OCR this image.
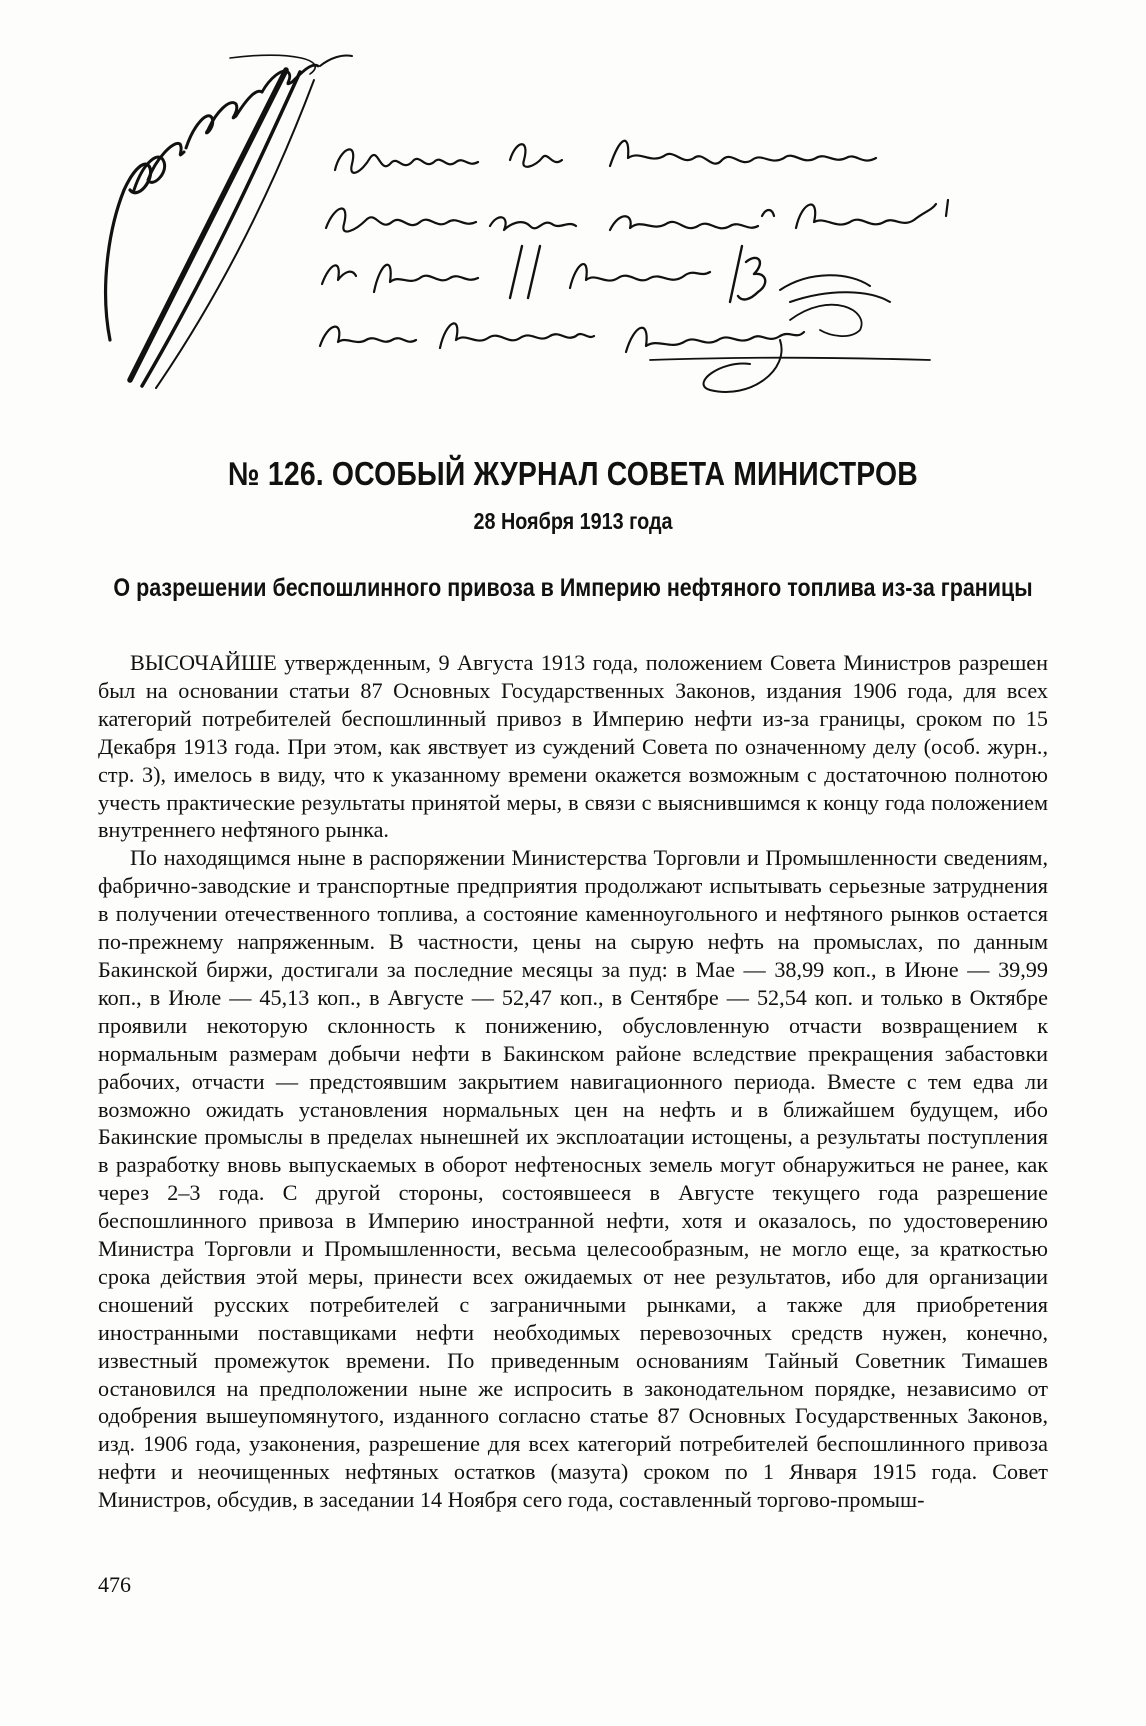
№ 126. ОСОБЫЙ ЖУРНАЛ СОВЕТА МИНИСТРОВ
28 Ноября 1913 года
О разрешении беспошлинного привоза в Империю нефтяного топлива из-за границы

ВЫСОЧАЙШЕ утвержденным, 9 Августа 1913 года, положением Совета Министров разрешен был на основании статьи 87 Основных Государственных Законов, издания 1906 года, для всех категорий потребителей беспошлинный привоз в Империю нефти из-за границы, сроком по 15 Декабря 1913 года. При этом, как явствует из суждений Совета по означенному делу (особ. журн., стр. 3), имелось в виду, что к указанному времени окажется возможным с достаточною полнотою учесть практические результаты принятой меры, в связи с выяснившимся к концу года положением внутреннего нефтяного рынка.

По находящимся ныне в распоряжении Министерства Торговли и Промышленности сведениям, фабрично-заводские и транспортные предприятия продолжают испытывать серьезные затруднения в получении отечественного топлива, а состояние каменноугольного и нефтяного рынков остается по-прежнему напряженным. В частности, цены на сырую нефть на промыслах, по данным Бакинской биржи, достигали за последние месяцы за пуд: в Мае — 38,99 коп., в Июне — 39,99 коп., в Июле — 45,13 коп., в Августе — 52,47 коп., в Сентябре — 52,54 коп. и только в Октябре проявили некоторую склонность к понижению, обусловленную отчасти возвращением к нормальным размерам добычи нефти в Бакинском районе вследствие прекращения забастовки рабочих, отчасти — предстоявшим закрытием навигационного периода. Вместе с тем едва ли возможно ожидать установления нормальных цен на нефть и в ближайшем будущем, ибо Бакинские промыслы в пределах нынешней их эксплоатации истощены, а результаты поступления в разработку вновь выпускаемых в оборот нефтеносных земель могут обнаружиться не ранее, как через 2–3 года. С другой стороны, состоявшееся в Августе текущего года разрешение беспошлинного привоза в Империю иностранной нефти, хотя и оказалось, по удостоверению Министра Торговли и Промышленности, весьма целесообразным, не могло еще, за краткостью срока действия этой меры, принести всех ожидаемых от нее результатов, ибо для организации сношений русских потребителей с заграничными рынками, а также для приобретения иностранными поставщиками нефти необходимых перевозочных средств нужен, конечно, известный промежуток времени. По приведенным основаниям Тайный Советник Тимашев остановился на предположении ныне же испросить в законодательном порядке, независимо от одобрения вышеупомянутого, изданного согласно статье 87 Основных Государственных Законов, изд. 1906 года, узаконения, разрешение для всех категорий потребителей беспошлинного привоза нефти и неочищенных нефтяных остатков (мазута) сроком по 1 Января 1915 года. Совет Министров, обсудив, в заседании 14 Ноября сего года, составленный торгово-промыш-

476
